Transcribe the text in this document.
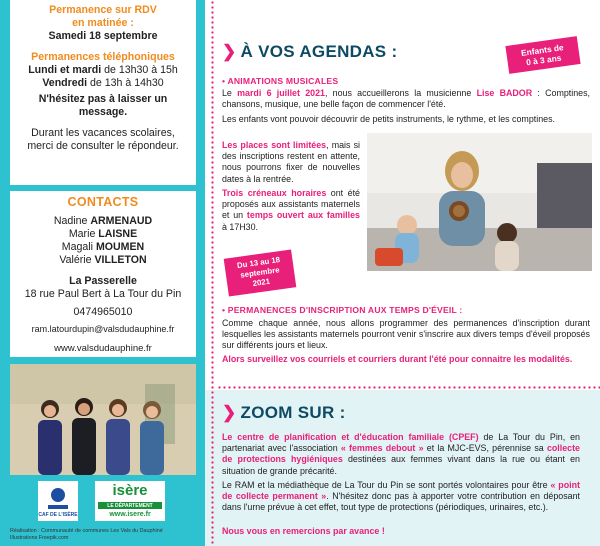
Permanence sur RDV
en matinée :
Samedi 18 septembre
Permanences téléphoniques
Lundi et mardi de 13h30 à 15h
Vendredi de 13h à 14h30
N'hésitez pas à laisser un message.
Durant les vacances scolaires, merci de consulter le répondeur.
CONTACTS
Nadine ARMENAUD
Marie LAISNE
Magali MOUMEN
Valérie VILLETON
La Passerelle
18 rue Paul Bert à La Tour du Pin
0474965010
ram.latourdupin@valsdudauphine.fr
www.valsdudauphine.fr
CAF DE L'ISÈRE
isère
LE DÉPARTEMENT
www.isere.fr
Réalisation : Communauté de communes Les Vals du Dauphiné
Illustrations Freepik.com
❯ À VOS AGENDAS :	Enfants de
0 à 3 ans
• ANIMATIONS MUSICALES
Le mardi 6 juillet 2021, nous accueillerons la musicienne Lise BADOR : Comptines, chansons, musique, une belle façon de commencer l'été.
Les enfants vont pouvoir découvrir de petits instruments, le rythme, et les comptines.
Les places sont limitées, mais si des inscriptions restent en attente, nous pourrons fixer de nouvelles dates à la rentrée.
Trois créneaux horaires ont été proposés aux assistants maternels et un temps ouvert aux familles à 17H30.
Du 13 au 18
septembre
2021
• PERMANENCES D'INSCRIPTION AUX TEMPS D'ÉVEIL :
Comme chaque année, nous allons programmer des permanences d'inscription durant lesquelles les assistants maternels pourront venir s'inscrire aux divers temps d'éveil proposés sur différents jours et lieux.
Alors surveillez vos courriels et courriers durant l'été pour connaitre les modalités.
❯ ZOOM SUR :
Le centre de planification et d'éducation familiale (CPEF) de La Tour du Pin, en partenariat avec l'association « femmes debout » et la MJC-EVS, pérennise sa collecte de protections hygiéniques destinées aux femmes vivant dans la rue ou étant en situation de grande précarité.
Le RAM et la médiathèque de La Tour du Pin se sont portés volontaires pour être « point de collecte permanent ». N'hésitez donc pas à apporter votre contribution en déposant dans l'urne prévue à cet effet, tout type de protections (périodiques, urinaires, etc.).
Nous vous en remercions par avance !
